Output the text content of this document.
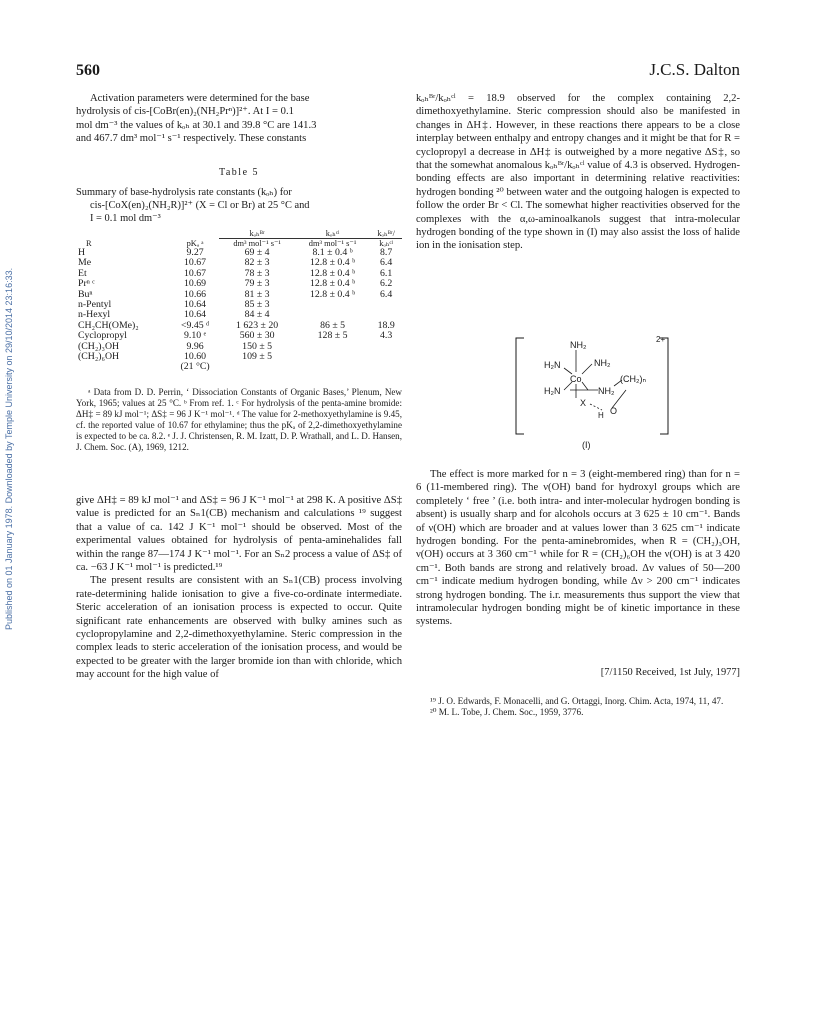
Published on 01 January 1978. Downloaded by Temple University on 29/10/2014 23:16:33.
560	J.C.S. Dalton

Activation parameters were determined for the base

hydrolysis of cis-[CoBr(en)₂(NH₂Prⁿ)]²⁺. At I = 0.1

mol dm⁻³ the values of kₒₕ at 30.1 and 39.8 °C are 141.3

and 467.7 dm³ mol⁻¹ s⁻¹ respectively. These constants

Table 5
Summary of base-hydrolysis rate constants (kₒₕ) for
cis-[CoX(en)₂(NH₂R)]²⁺ (X = Cl or Br) at 25 °C and
I = 0.1 mol dm⁻³
R	pKₐ ᵃ	kₒₕᴮʳ	kₒₕᶜˡ	kₒₕᴮʳ/
		dm³ mol⁻¹ s⁻¹	dm³ mol⁻¹ s⁻¹	kₒₕᶜˡ
H	9.27	69 ± 4	8.1 ± 0.4 ᵇ	8.7
Me	10.67	82 ± 3	12.8 ± 0.4 ᵇ	6.4
Et	10.67	78 ± 3	12.8 ± 0.4 ᵇ	6.1
Prⁿ ᶜ	10.69	79 ± 3	12.8 ± 0.4 ᵇ	6.2
Buⁿ	10.66	81 ± 3	12.8 ± 0.4 ᵇ	6.4
n-Pentyl	10.64	85 ± 3		
n-Hexyl	10.64	84 ± 4		
CH₂CH(OMe)₂	<9.45 ᵈ	1 623 ± 20	86 ± 5	18.9
Cyclopropyl	9.10 ᵉ	560 ± 30	128 ± 5	4.3
(CH₂)₃OH	9.96	150 ± 5		
(CH₂)₆OH	10.60	109 ± 5		
	(21 °C)			

ᵃ Data from D. D. Perrin, ‘ Dissociation Constants of Organic Bases,’ Plenum, New York, 1965; values at 25 °C. ᵇ From ref. 1. ᶜ For hydrolysis of the penta-amine bromide: ΔH‡ = 89 kJ mol⁻¹; ΔS‡ = 96 J K⁻¹ mol⁻¹. ᵈ The value for 2-methoxyethylamine is 9.45, cf. the reported value of 10.67 for ethylamine; thus the pKₐ of 2,2-dimethoxyethylamine is expected to be ca. 8.2. ᵉ J. J. Christensen, R. M. Izatt, D. P. Wrathall, and L. D. Hansen, J. Chem. Soc. (A), 1969, 1212.

give ΔH‡ = 89 kJ mol⁻¹ and ΔS‡ = 96 J K⁻¹ mol⁻¹ at 298 K. A positive ΔS‡ value is predicted for an Sₙ1(CB) mechanism and calculations ¹⁹ suggest that a value of ca. 142 J K⁻¹ mol⁻¹ should be observed. Most of the experimental values obtained for hydrolysis of penta-aminehalides fall within the range 87—174 J K⁻¹ mol⁻¹. For an Sₙ2 process a value of ΔS‡ of ca. −63 J K⁻¹ mol⁻¹ is predicted.¹⁹

The present results are consistent with an Sₙ1(CB) process involving rate-determining halide ionisation to give a five-co-ordinate intermediate. Steric acceleration of an ionisation process is expected to occur. Quite significant rate enhancements are observed with bulky amines such as cyclopropylamine and 2,2-dimethoxyethylamine. Steric compression in the complex leads to steric acceleration of the ionisation process, and would be expected to be greater with the larger bromide ion than with chloride, which may account for the high value of

kₒₕᴮʳ/kₒₕᶜˡ = 18.9 observed for the complex containing 2,2-dimethoxyethylamine. Steric compression should also be manifested in changes in ΔH‡. However, in these reactions there appears to be a close interplay between enthalpy and entropy changes and it might be that for R = cyclopropyl a decrease in ΔH‡ is outweighed by a more negative ΔS‡, so that the somewhat anomalous kₒₕᴮʳ/kₒₕᶜˡ value of 4.3 is observed. Hydrogen-bonding effects are also important in determining relative reactivities: hydrogen bonding ²⁰ between water and the outgoing halogen is expected to follow the order Br < Cl. The somewhat higher reactivities observed for the complexes with the α,ω-aminoalkanols suggest that intra-molecular hydrogen bonding of the type shown in (I) may also assist the loss of halide ion in the ionisation step.

2+
NH₂
H₂N	NH₂
Co
H₂N	NH₂
(CH₂)ₙ
X
H O
(I)

The effect is more marked for n = 3 (eight-membered ring) than for n = 6 (11-membered ring). The ν(OH) band for hydroxyl groups which are completely ‘ free ’ (i.e. both intra- and inter-molecular hydrogen bonding is absent) is usually sharp and for alcohols occurs at 3 625 ± 10 cm⁻¹. Bands of ν(OH) which are broader and at values lower than 3 625 cm⁻¹ indicate hydrogen bonding. For the penta-aminebromides, when R = (CH₂)₃OH, ν(OH) occurs at 3 360 cm⁻¹ while for R = (CH₂)₆OH the ν(OH) is at 3 420 cm⁻¹. Both bands are strong and relatively broad. Δν values of 50—200 cm⁻¹ indicate medium hydrogen bonding, while Δν > 200 cm⁻¹ indicates strong hydrogen bonding. The i.r. measurements thus support the view that intramolecular hydrogen bonding might be of kinetic importance in these systems.

[7/1150 Received, 1st July, 1977]

¹⁹ J. O. Edwards, F. Monacelli, and G. Ortaggi, Inorg. Chim. Acta, 1974, 11, 47.

²⁰ M. L. Tobe, J. Chem. Soc., 1959, 3776.
